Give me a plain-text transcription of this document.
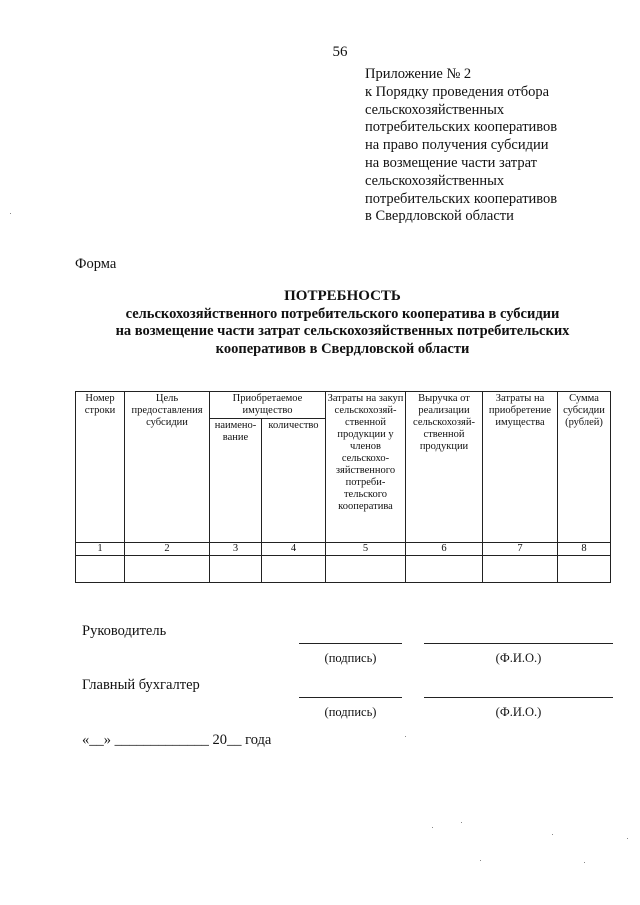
56
Приложение № 2
к Порядку проведения отбора
сельскохозяйственных
потребительских кооперативов
на право получения субсидии
на возмещение части затрат
сельскохозяйственных
потребительских кооперативов
в Свердловской области
Форма
ПОТРЕБНОСТЬ
сельскохозяйственного потребительского кооператива в субсидии
на возмещение части затрат сельскохозяйственных потребительских
кооперативов в Свердловской области
Номер строки	Цель предоставления субсидии	Приобретаемое имущество		Затраты на закуп сельскохозяй-ственной продукции у членов сельскохо-зяйственного потреби-тельского кооператива	Выручка от реализации сельскохозяй-ственной продукции	Затраты на приобретение имущества	Сумма субсидии (рублей)
		наимено-вание	количество				
1	2	3	4	5	6	7	8

Руководитель
(подпись)	(Ф.И.О.)
Главный бухгалтер
(подпись)	(Ф.И.О.)
«__» _____________ 20__ года
